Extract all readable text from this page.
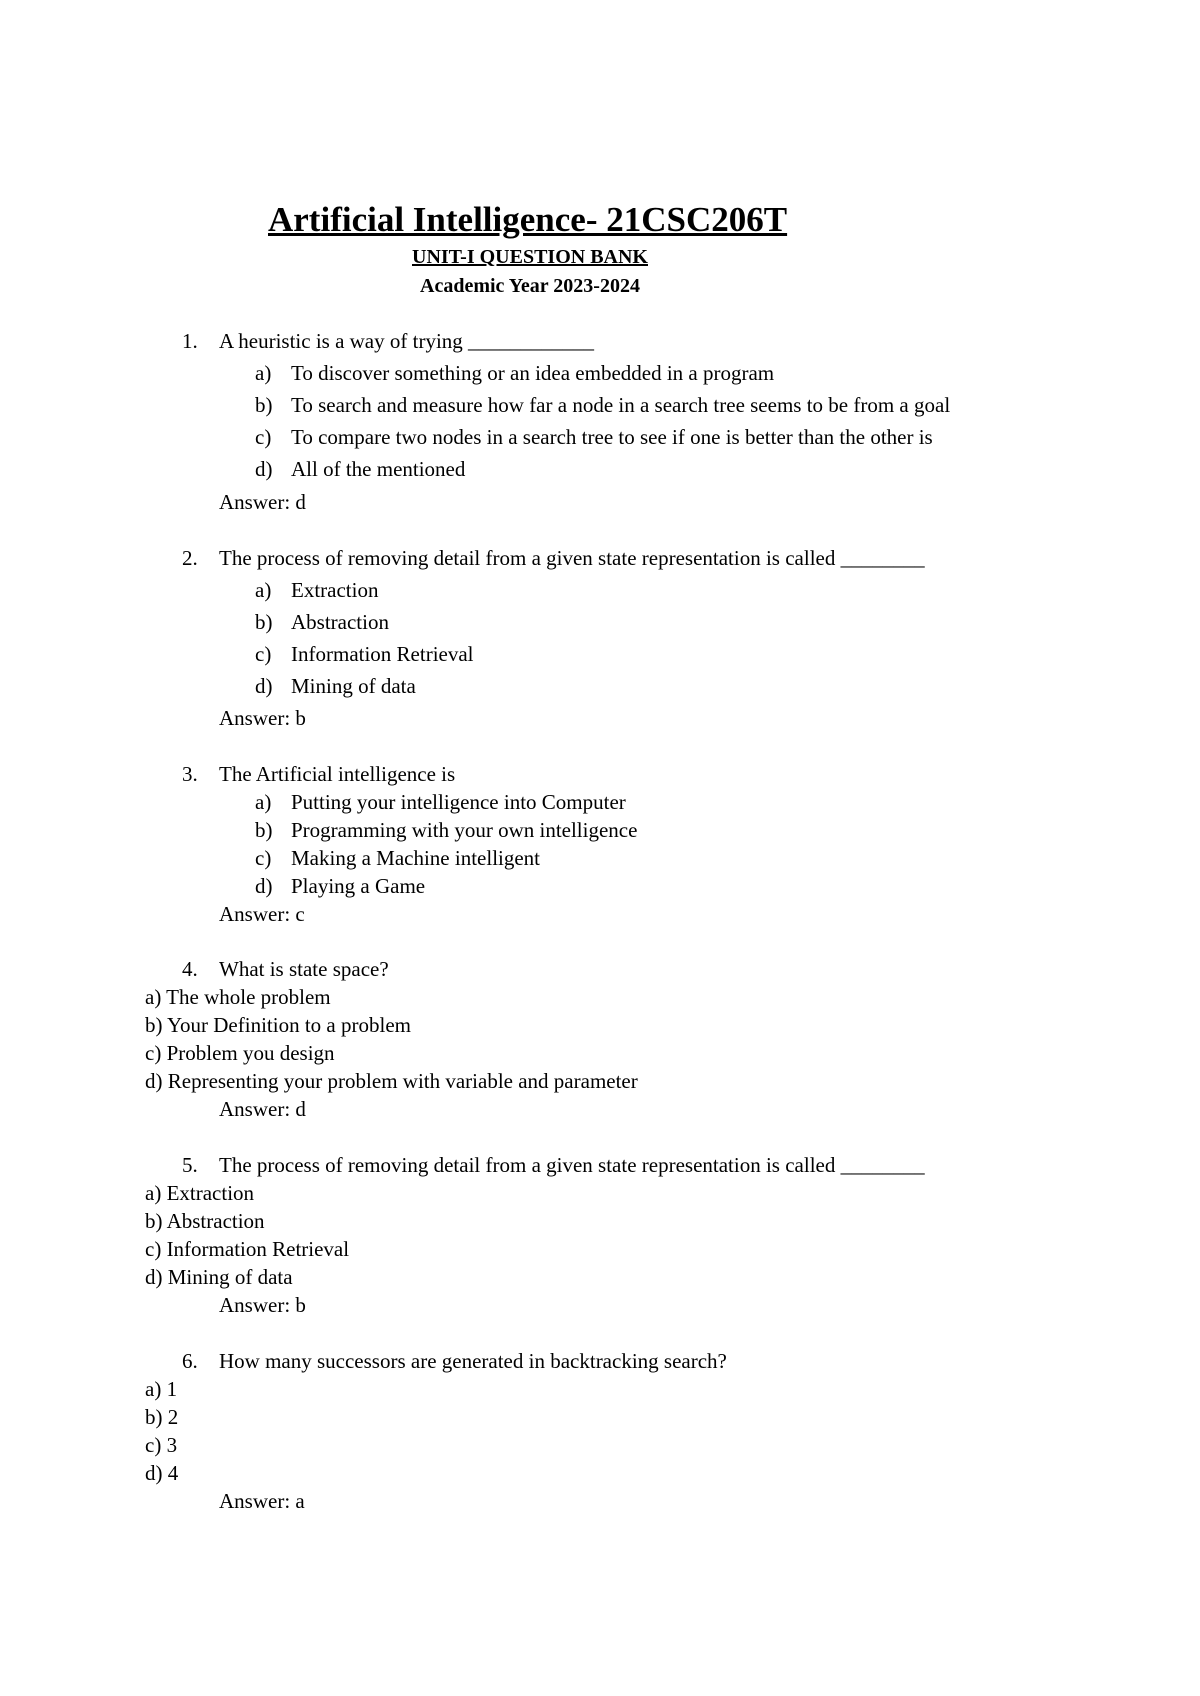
Artificial Intelligence- 21CSC206T
UNIT-I QUESTION BANK
Academic Year 2023-2024
1. A heuristic is a way of trying ____________
a) To discover something or an idea embedded in a program
b) To search and measure how far a node in a search tree seems to be from a goal
c) To compare two nodes in a search tree to see if one is better than the other is
d) All of the mentioned
Answer: d
2. The process of removing detail from a given state representation is called ________
a) Extraction
b) Abstraction
c) Information Retrieval
d) Mining of data
Answer: b
3. The Artificial intelligence is
a) Putting your intelligence into Computer
b) Programming with your own intelligence
c) Making a Machine intelligent
d) Playing a Game
Answer: c
4. What is state space?
a) The whole problem
b) Your Definition to a problem
c) Problem you design
d) Representing your problem with variable and parameter
Answer: d
5. The process of removing detail from a given state representation is called ________
a) Extraction
b) Abstraction
c) Information Retrieval
d) Mining of data
Answer: b
6. How many successors are generated in backtracking search?
a) 1
b) 2
c) 3
d) 4
Answer: a
